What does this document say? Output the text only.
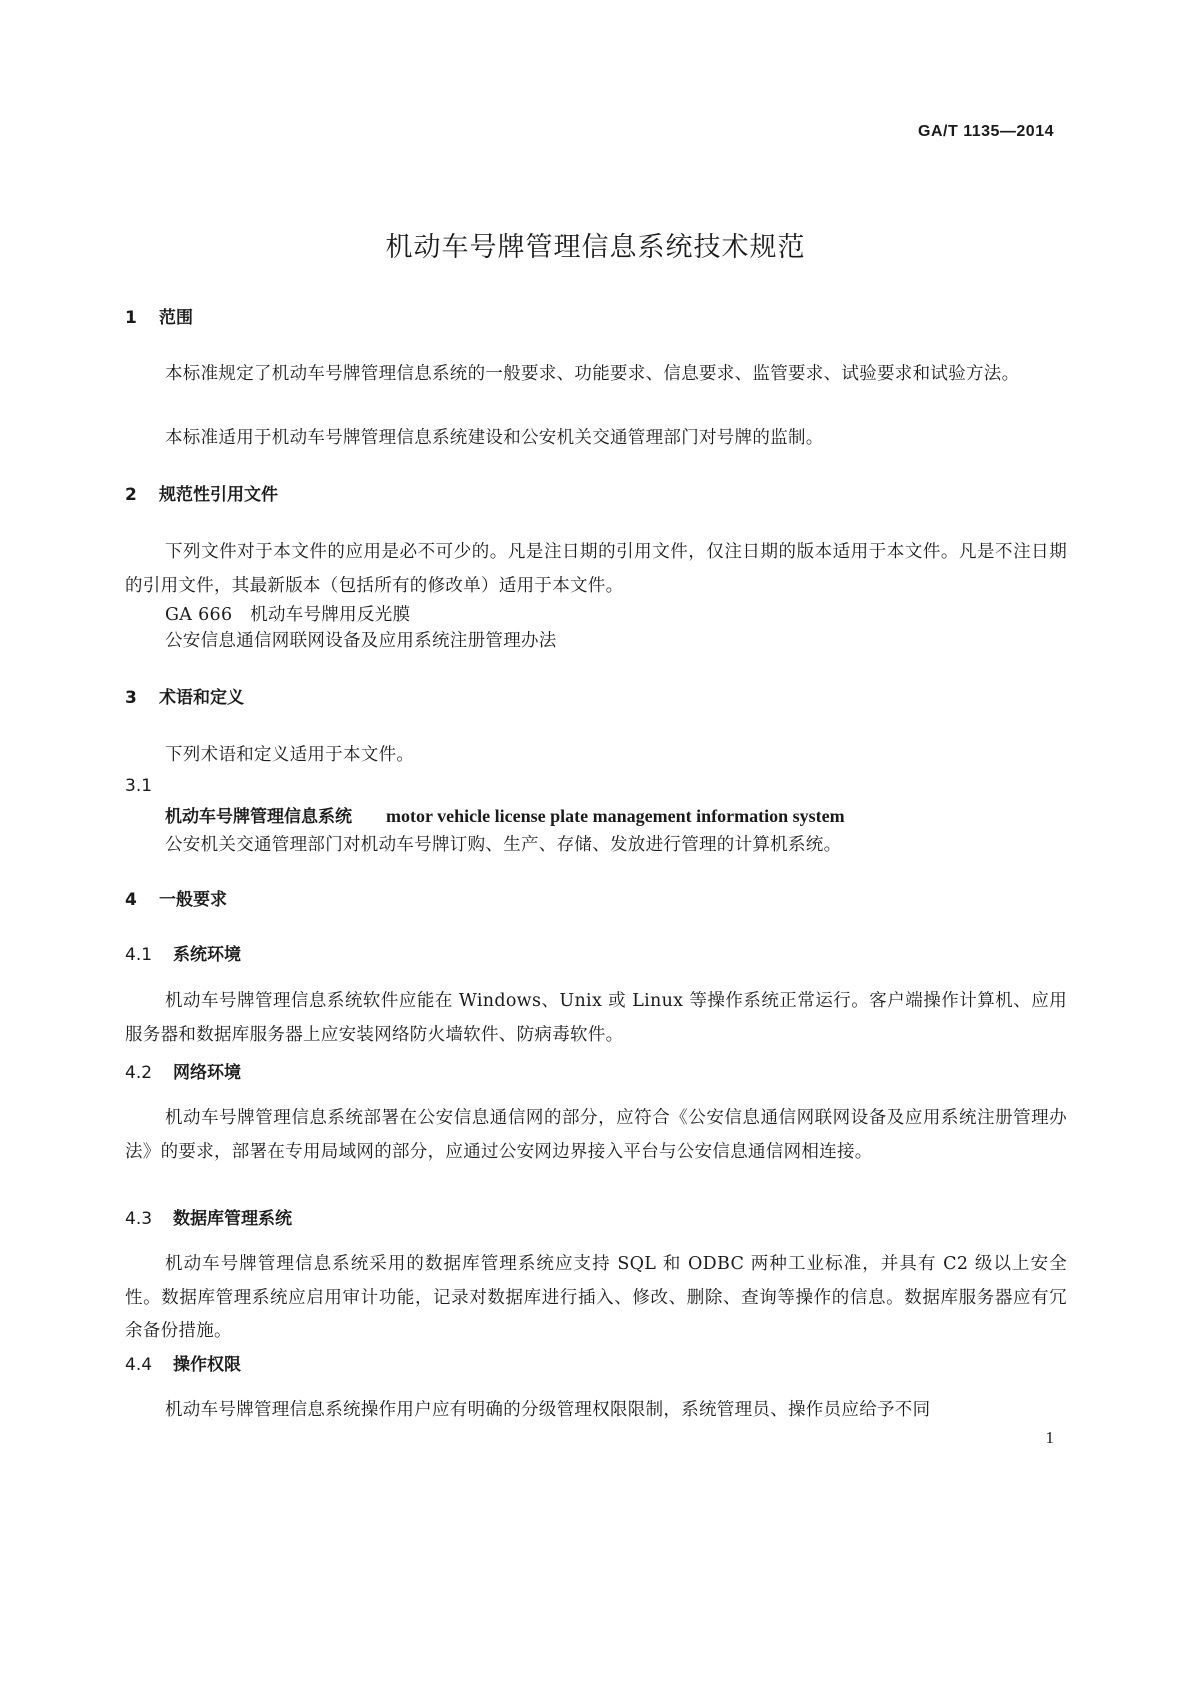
GA/T 1135—2014
机动车号牌管理信息系统技术规范
1 范围
本标准规定了机动车号牌管理信息系统的一般要求、功能要求、信息要求、监管要求、试验要求和试验方法。
本标准适用于机动车号牌管理信息系统建设和公安机关交通管理部门对号牌的监制。
2 规范性引用文件
下列文件对于本文件的应用是必不可少的。凡是注日期的引用文件，仅注日期的版本适用于本文件。凡是不注日期的引用文件，其最新版本（包括所有的修改单）适用于本文件。
GA 666　机动车号牌用反光膜
公安信息通信网联网设备及应用系统注册管理办法
3 术语和定义
下列术语和定义适用于本文件。
3.1
机动车号牌管理信息系统 motor vehicle license plate management information system
公安机关交通管理部门对机动车号牌订购、生产、存储、发放进行管理的计算机系统。
4 一般要求
4.1 系统环境
机动车号牌管理信息系统软件应能在 Windows、Unix 或 Linux 等操作系统正常运行。客户端操作计算机、应用服务器和数据库服务器上应安装网络防火墙软件、防病毒软件。
4.2 网络环境
机动车号牌管理信息系统部署在公安信息通信网的部分，应符合《公安信息通信网联网设备及应用系统注册管理办法》的要求，部署在专用局域网的部分，应通过公安网边界接入平台与公安信息通信网相连接。
4.3 数据库管理系统
机动车号牌管理信息系统采用的数据库管理系统应支持 SQL 和 ODBC 两种工业标准，并具有 C2 级以上安全性。数据库管理系统应启用审计功能，记录对数据库进行插入、修改、删除、查询等操作的信息。数据库服务器应有冗余备份措施。
4.4 操作权限
机动车号牌管理信息系统操作用户应有明确的分级管理权限限制，系统管理员、操作员应给予不同
1
